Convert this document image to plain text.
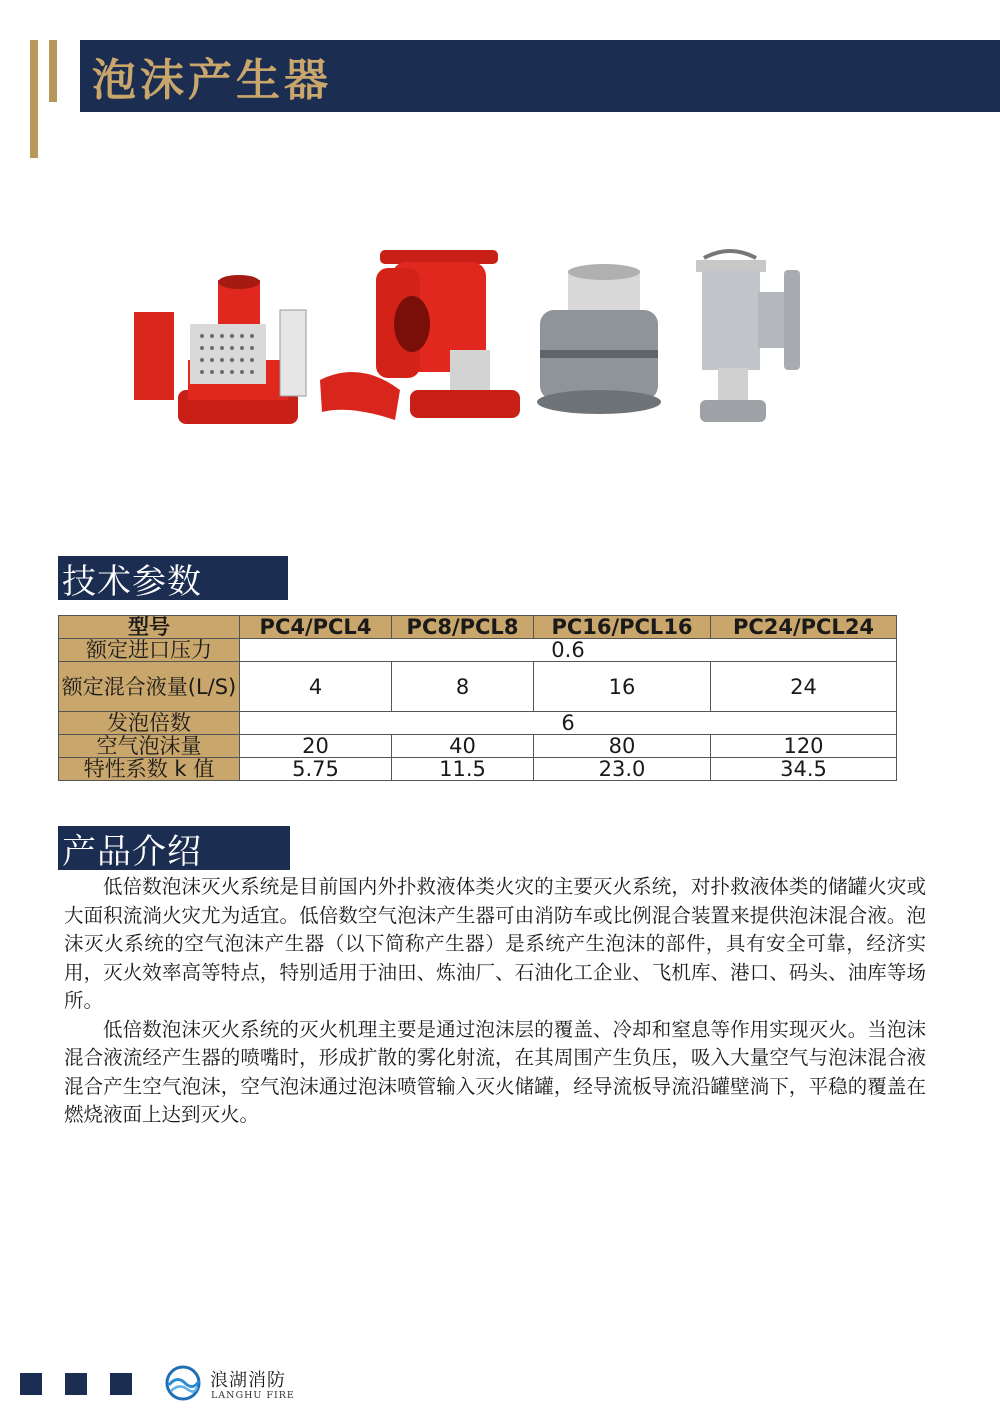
泡沫产生器
技术参数
型号	PC4/PCL4	PC8/PCL8	PC16/PCL16	PC24/PCL24
额定进口压力	0.6			
额定混合液量(L/S)	4	8	16	24
发泡倍数	6			
空气泡沫量	20	40	80	120
特性系数 k 值	5.75	11.5	23.0	34.5
产品介绍

低倍数泡沫灭火系统是目前国内外扑救液体类火灾的主要灭火系统，对扑救液体类的储罐火灾或大面积流淌火灾尤为适宜。低倍数空气泡沫产生器可由消防车或比例混合装置来提供泡沫混合液。泡沫灭火系统的空气泡沫产生器（以下简称产生器）是系统产生泡沫的部件，具有安全可靠，经济实用，灭火效率高等特点，特别适用于油田、炼油厂、石油化工企业、飞机库、港口、码头、油库等场所。

低倍数泡沫灭火系统的灭火机理主要是通过泡沫层的覆盖、冷却和窒息等作用实现灭火。当泡沫混合液流经产生器的喷嘴时，形成扩散的雾化射流，在其周围产生负压，吸入大量空气与泡沫混合液混合产生空气泡沫，空气泡沫通过泡沫喷管输入灭火储罐，经导流板导流沿罐壁淌下，平稳的覆盖在燃烧液面上达到灭火。

浪湖消防
LANGHU FIRE
